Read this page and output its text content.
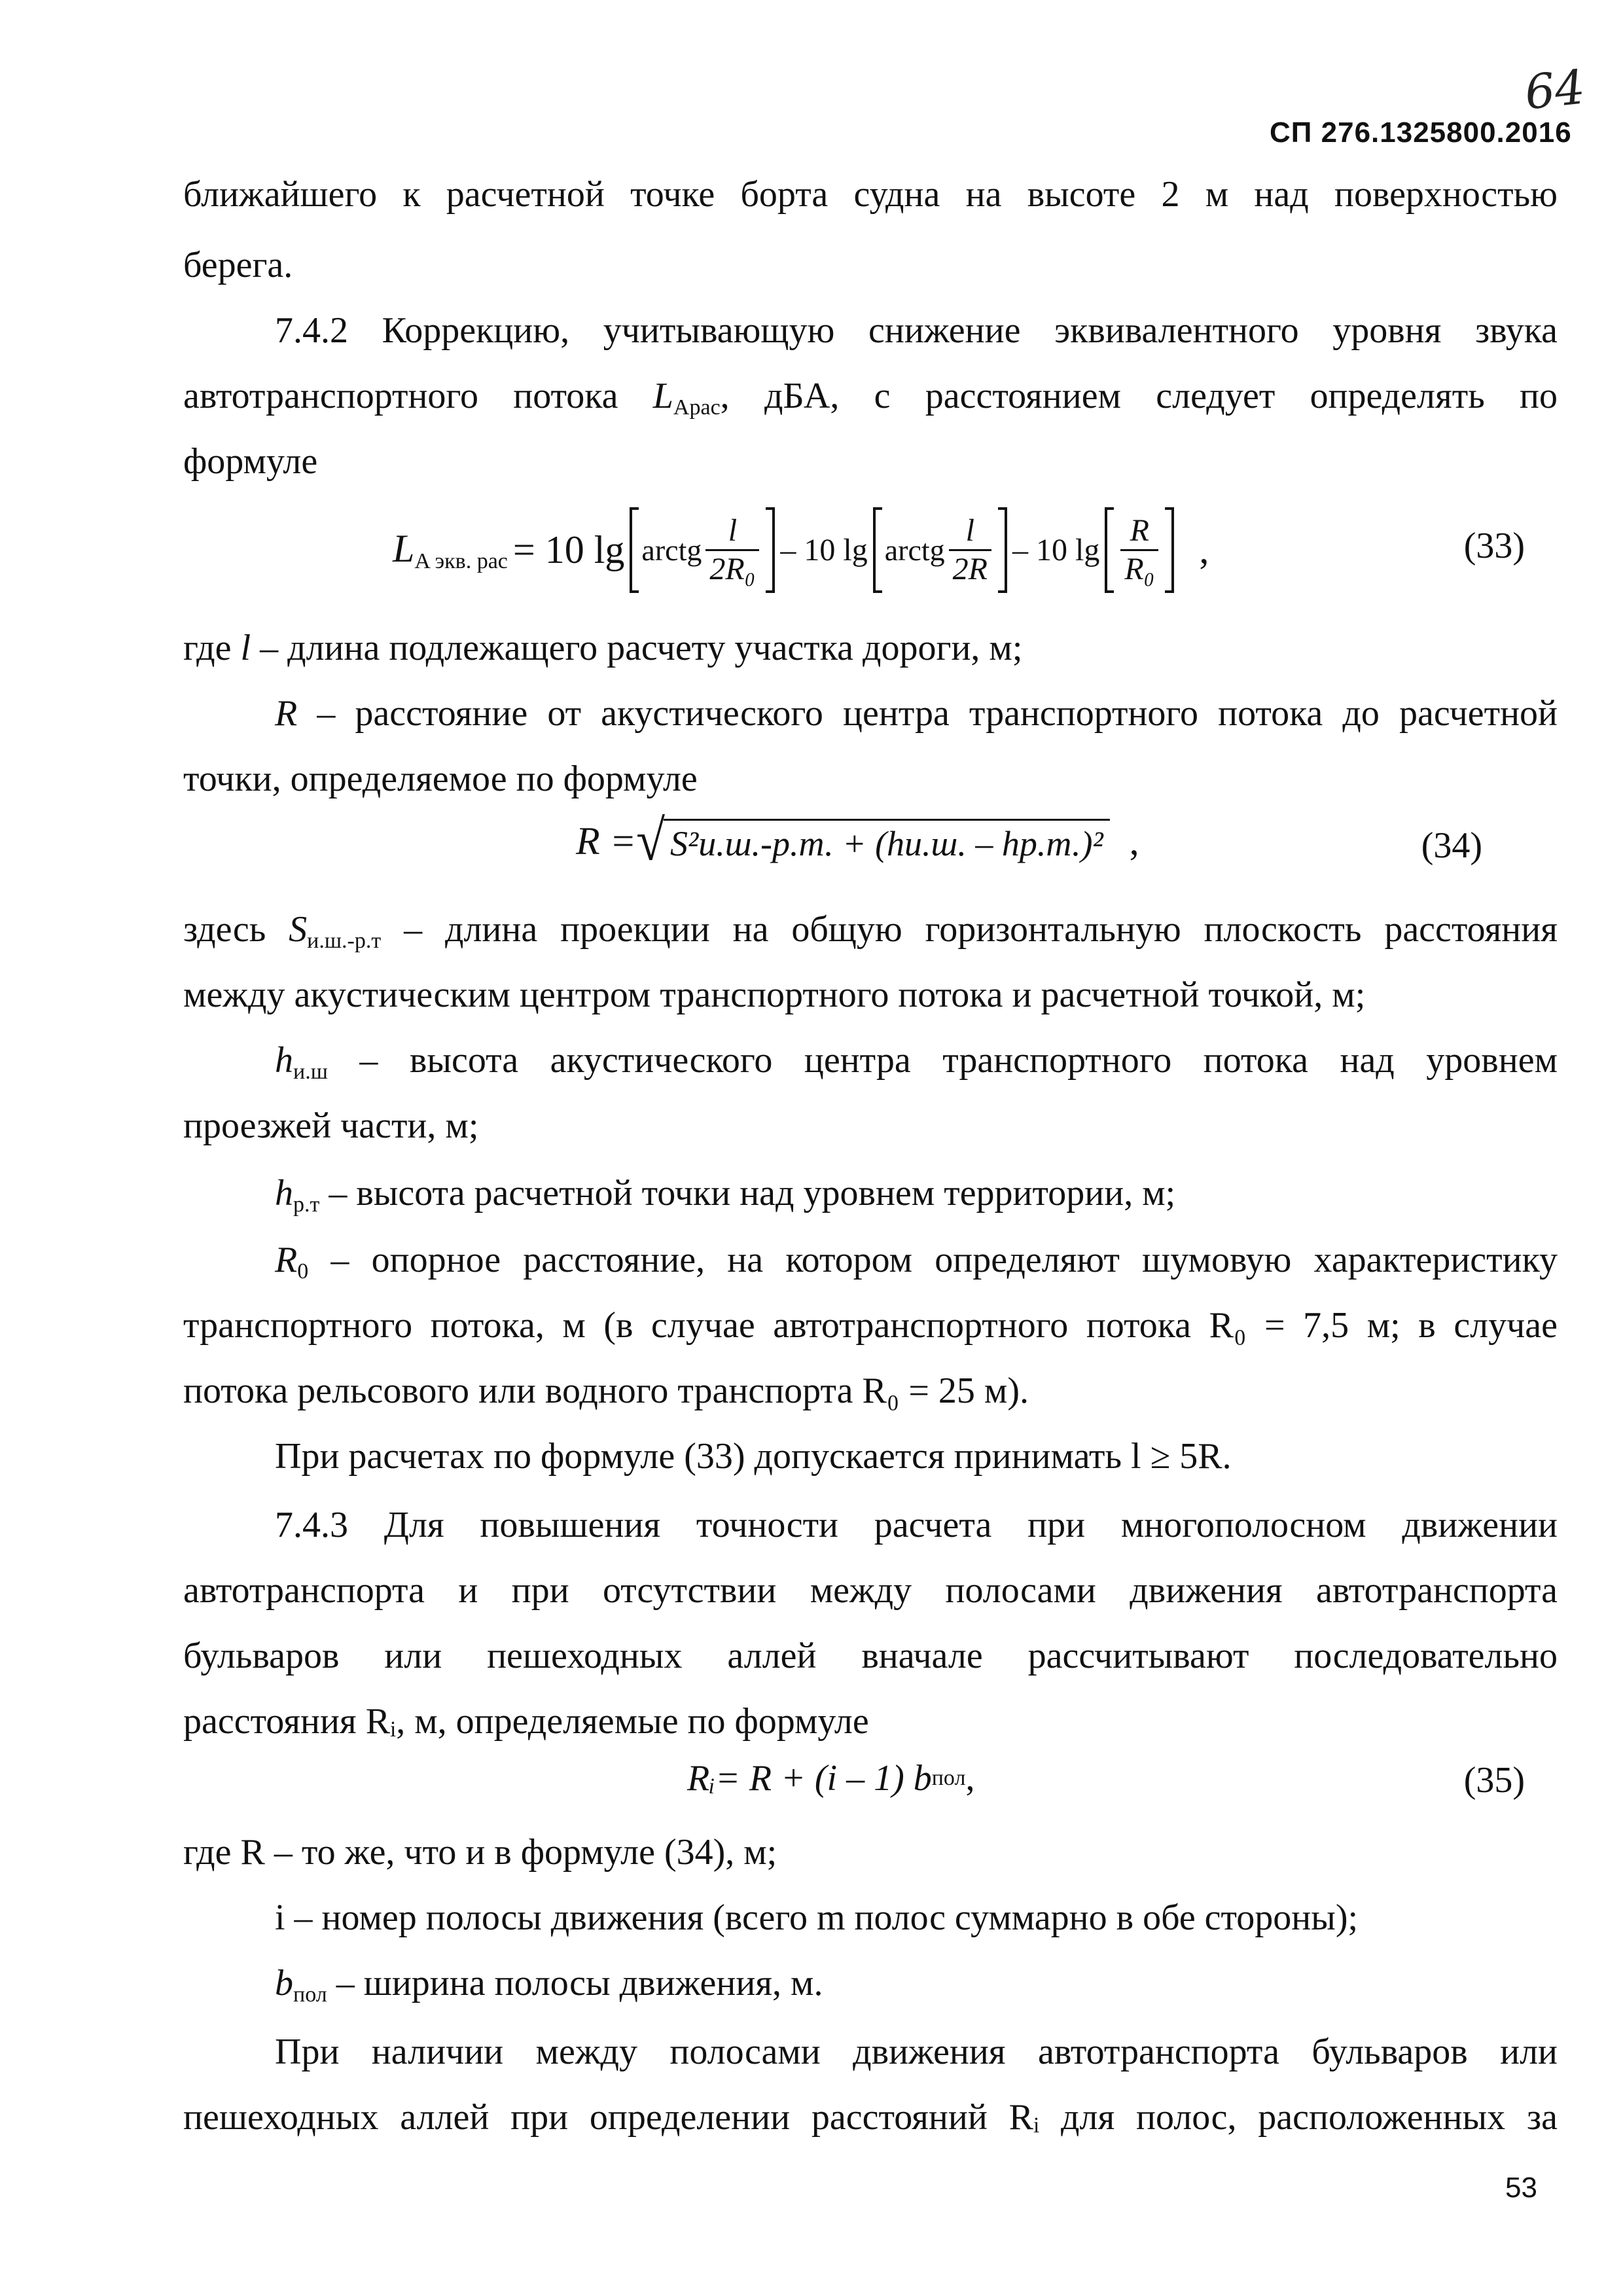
64
СП 276.1325800.2016
ближайшего к расчетной точке борта судна на высоте 2 м над поверхностью
берега.
7.4.2 Коррекцию, учитывающую снижение эквивалентного уровня звука
автотранспортного потока $L_{Aрас}$, дБА, с расстоянием следует определять по
формуле
$L_{A экв. рас} = 10$ lg arctg $\frac{l}{\text{2R₀}} - 10$ lg arctg $\frac{l}{2R} - 10$ $\lg \frac{R}{\text{R₀}}$ ,	(33)
где l – длина подлежащего расчету участка дороги, м;
R – расстояние от акустического центра транспортного потока до расчетной
точки, определяемое по формуле
R = √ S²и.ш.-р.т. + (hи.ш. – hр.т.)² ,	(34)
здесь $S_{и.ш.-р.т}$ – длина проекции на общую горизонтальную плоскость расстояния
между акустическим центром транспортного потока и расчетной точкой, м;
$h_{и.ш}$ – высота акустического центра транспортного потока над уровнем
проезжей части, м;
$h_{р.т}$ – высота расчетной точки над уровнем территории, м;
$R_0$ – опорное расстояние, на котором определяют шумовую характеристику
транспортного потока, м (в случае автотранспортного потока R₀ = 7,5 м; в случае
потока рельсового или водного транспорта R₀ = 25 м).
При расчетах по формуле (33) допускается принимать l ≥ 5R.
7.4.3 Для повышения точности расчета при многополосном движении
автотранспорта и при отсутствии между полосами движения автотранспорта
бульваров или пешеходных аллей вначале рассчитывают последовательно
расстояния Rᵢ, м, определяемые по формуле
Rᵢ = R + (i – 1) b пол ,	(35)
где R – то же, что и в формуле (34), м;
i – номер полосы движения (всего m полос суммарно в обе стороны);
$b_{пол}$ – ширина полосы движения, м.
При наличии между полосами движения автотранспорта бульваров или
пешеходных аллей при определении расстояний Rᵢ для полос, расположенных за
53
